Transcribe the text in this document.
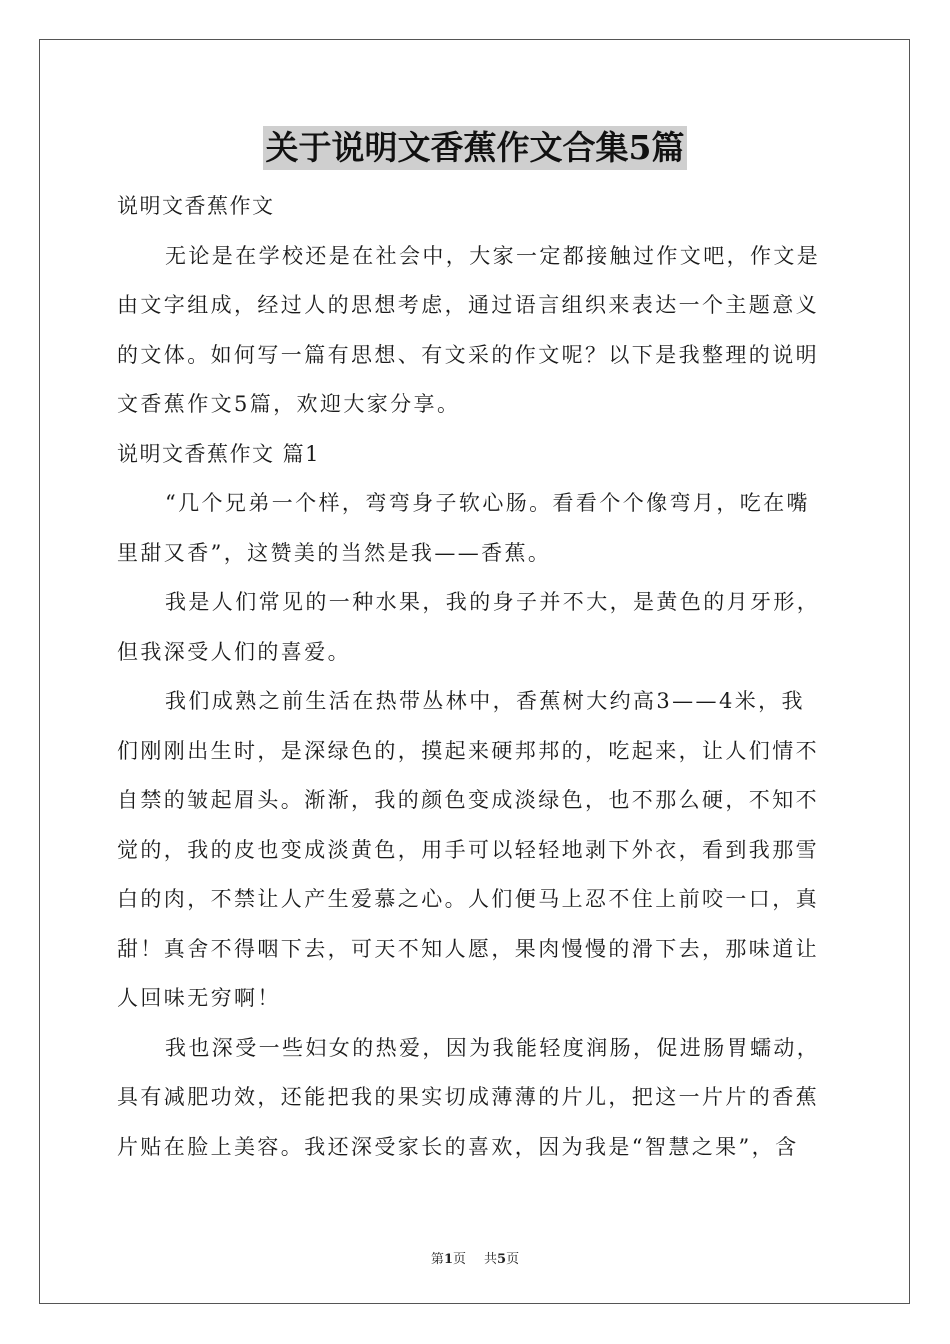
关于说明文香蕉作文合集5篇
说明文香蕉作文
无论是在学校还是在社会中，大家一定都接触过作文吧，作文是
由文字组成，经过人的思想考虑，通过语言组织来表达一个主题意义
的文体。如何写一篇有思想、有文采的作文呢？以下是我整理的说明
文香蕉作文5篇，欢迎大家分享。
说明文香蕉作文 篇1
“几个兄弟一个样，弯弯身子软心肠。看看个个像弯月，吃在嘴
里甜又香”，这赞美的当然是我——香蕉。
我是人们常见的一种水果，我的身子并不大，是黄色的月牙形，
但我深受人们的喜爱。
我们成熟之前生活在热带丛林中，香蕉树大约高3——4米，我
们刚刚出生时，是深绿色的，摸起来硬邦邦的，吃起来，让人们情不
自禁的皱起眉头。渐渐，我的颜色变成淡绿色，也不那么硬，不知不
觉的，我的皮也变成淡黄色，用手可以轻轻地剥下外衣，看到我那雪
白的肉，不禁让人产生爱慕之心。人们便马上忍不住上前咬一口，真
甜！真舍不得咽下去，可天不知人愿，果肉慢慢的滑下去，那味道让
人回味无穷啊！
我也深受一些妇女的热爱，因为我能轻度润肠，促进肠胃蠕动，
具有减肥功效，还能把我的果实切成薄薄的片儿，把这一片片的香蕉
片贴在脸上美容。我还深受家长的喜欢，因为我是“智慧之果”，含
第1页 共5页
